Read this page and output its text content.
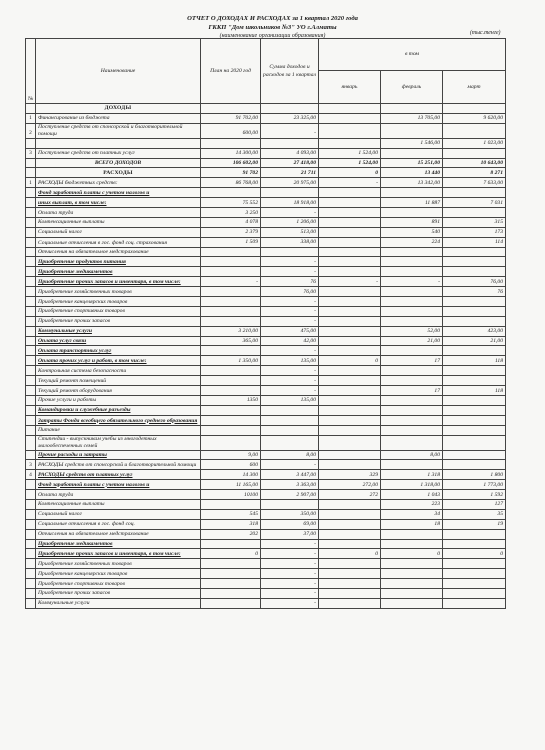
ОТЧЕТ О ДОХОДАХ И РАСХОДАХ за 1 квартал 2020 года
ГККП "Дом школьников №3" УО г.Алматы
(наименование организации образования)	(тыс.тенге)
№	Наименование	План на 2020 год	Сумма доходов и расходов за 1 квартал	в том		
				январь	февраль	март
	ДОХОДЫ					
1	Финансирование из бюджета	91 702,00	23 325,00		13 705,00	9 620,00
2	Поступление средств от спонсорской и благотворительной помощи	600,00	-			
					1 546,00	1 023,00
3	Поступление средств от платных услуг	14 300,00	4 093,00	1 524,00		
	ВСЕГО ДОХОДОВ	106 602,00	27 418,00	1 524,00	15 251,00	10 643,00
	РАСХОДЫ	91 702	21 711	0	13 440	8 271
1	РАСХОДЫ бюджетных средств:	86 768,00	20 975,00	-	13 342,00	7 633,00
	Фонд заработной платы с учетом налогов и					
	иных выплат, в том числе:	75 552	18 918,00		11 887	7 031
	Оплата труда	3 250	-			
	Компенсационные выплаты	4 078	1 206,00		891	315
	Социальный налог	2 379	513,00		540	173
	Социальные отчисления в гос. фонд соц. страхования	1 509	338,00		224	114
	Отчисления на обязательное медстрахование					
	Приобретение продуктов питания		-			
	Приобретение медикаментов		-			
	Приобретение прочих запасов и инвентаря, в том числе:	-	76	-	-	76,00
	Приобретение хозяйственных товаров		76,00			76
	Приобретение канцелярских товаров		-			
	Приобретение спортивных товаров		-			
	Приобретение прочих запасов		-			
	Коммунальные услуги	3 210,00	475,00		52,00	423,00
	Оплата услуг связи	365,00	42,00		21,00	21,00
	Оплата транспортных услуг		-			
	Оплата прочих услуг и работ, в том числе:	1 350,00	135,00	0	17	118
	Контрольная система безопасности		-			
	Текущий ремонт помещений		-			
	Текущий ремонт оборудования		-		17	118
	Прочие услуги и работы	1350	135,00			
	Командировки и служебные разъезды					
	Затраты Фонда всеобщего обязательного среднего образования					
	Питание					
	Стипендии - выпускникам учебы из многодетных малообеспеченных семей					
	Прочие расходы и затраты	9,00	8,00		8,00	
3	РАСХОДЫ средств от спонсорской и благотворительной помощи	600	-			
4	РАСХОДЫ средств от платных услуг	14 300	3 447,00	329	1 318	1 800
	Фонд заработной платы с учетом налогов и	11 165,00	3 363,00	272,00	1 318,00	1 773,00
	Оплата труда	10100	2 907,00	272	1 043	1 592
	Компенсационные выплаты				223	127
	Социальный налог	545	350,00		34	35
	Социальные отчисления в гос. фонд соц.	318	69,00		18	19
	Отчисления на обязательное медстрахование	202	37,00			
	Приобретение медикаментов		-			
	Приобретение прочих запасов и инвентаря, в том числе:	0	-	0	0	0
	Приобретение хозяйственных товаров		-			
	Приобретение канцелярских товаров		-			
	Приобретение спортивных товаров		-			
	Приобретение прочих запасов		-			
	Коммунальные услуги		-			
